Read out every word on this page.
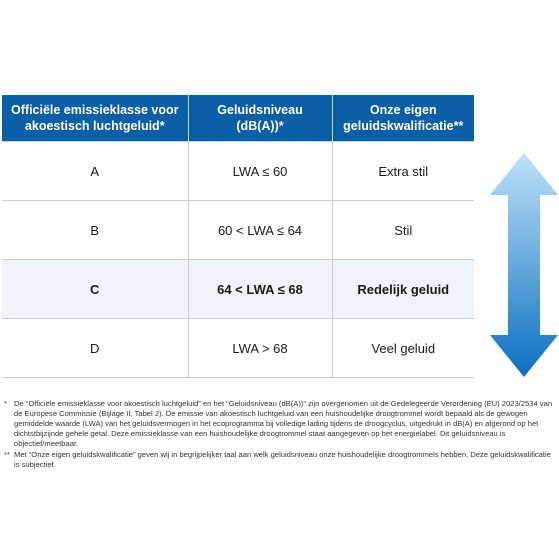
Officiële emissieklasse voor akoestisch luchtgeluid*	Geluidsniveau (dB(A))*	Onze eigen geluidskwalificatie**
A	LWA ≤ 60	Extra stil
B	60 < LWA ≤ 64	Stil
C	64 < LWA ≤ 68	Redelijk geluid
D	LWA > 68	Veel geluid
* De “Officiële emissieklasse voor akoestisch luchtgeluid” en het “Geluidsniveau (dB(A))” zijn overgenomen uit de Gedelegeerde Verordening (EU) 2023/2534 van de Europese Commissie (Bijlage II, Tabel 2). De emissie van akoestisch luchtgeluid van een huishoudelijke droogtrommel wordt bepaald als de gewogen gemiddelde waarde (LWA) van het geluidsvermogen in het ecoprogramma bij volledige lading tijdens de droogcyclus, uitgedrukt in dB(A) en afgerond op het dichtstbijzijnde gehele getal. Deze emissieklasse van een huishoudelijke droogtrommel staat aangegeven op het energielabel. Dit geluidsniveau is objectief/meetbaar.
** Met “Onze eigen geluidskwalificatie” geven wij in begrijpelijker taal aan welk geluidsniveau onze huishoudelijke droogtrommels hebben. Deze geluidskwalificatie is subjectief.
